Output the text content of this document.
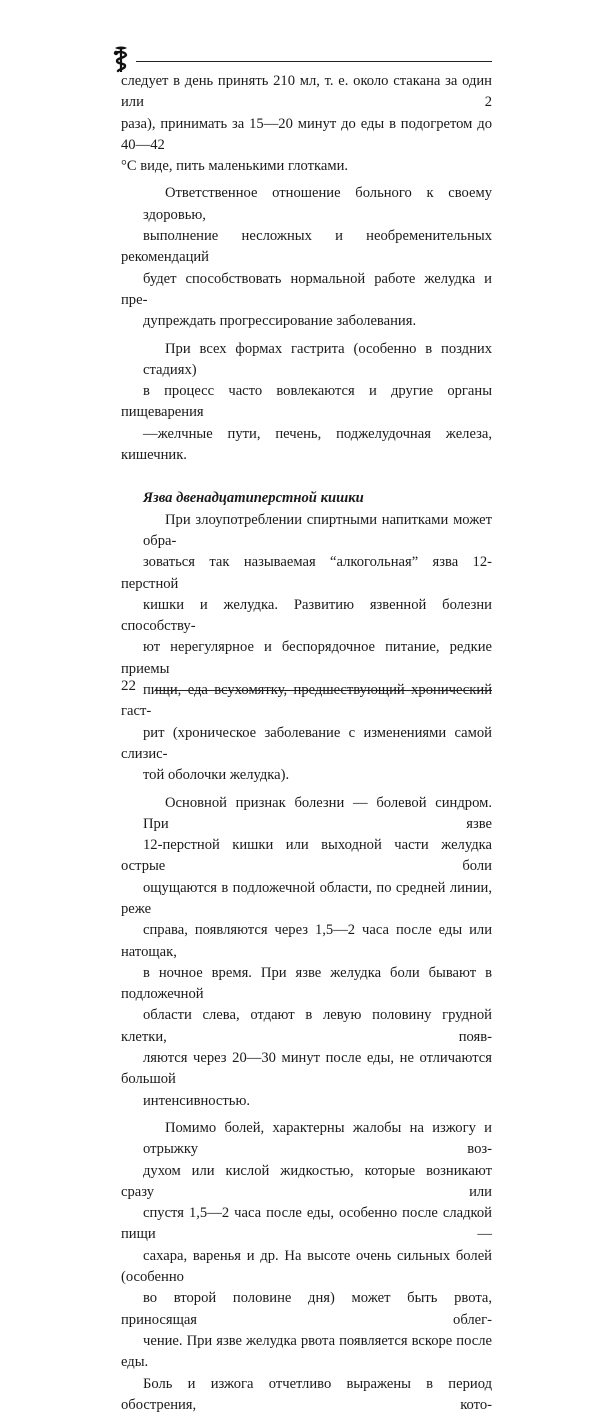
следует в день принять 210 мл, т. е. около стакана за один или 2
раза), принимать за 15—20 минут до еды в подогретом до 40—42
°С виде, пить маленькими глотками.

Ответственное отношение больного к своему здоровью,
выполнение несложных и необременительных рекомендаций
будет способствовать нормальной работе желудка и пре-
дупреждать прогрессирование заболевания.

При всех формах гастрита (особенно в поздних стадиях)
в процесс часто вовлекаются и другие органы пищеварения
—желчные пути, печень, поджелудочная железа, кишечник.

Язва двенадцатиперстной кишки

При злоупотреблении спиртными напитками может обра-
зоваться так называемая “алкогольная” язва 12-перстной
кишки и желудка. Развитию язвенной болезни способству-
ют нерегулярное и беспорядочное питание, редкие приемы
пищи, еда всухомятку, предшествующий хронический гаст-
рит (хроническое заболевание с изменениями самой слизис-
той оболочки желудка).

Основной признак болезни — болевой синдром. При язве
12-перстной кишки или выходной части желудка острые боли
ощущаются в подложечной области, по средней линии, реже
справа, появляются через 1,5—2 часа после еды или натощак,
в ночное время. При язве желудка боли бывают в подложечной
области слева, отдают в левую половину грудной клетки, появ-
ляются через 20—30 минут после еды, не отличаются большой
интенсивностью.

Помимо болей, характерны жалобы на изжогу и отрыжку воз-
духом или кислой жидкостью, которые возникают сразу или
спустя 1,5—2 часа после еды, особенно после сладкой пищи —
сахара, варенья и др. На высоте очень сильных болей (особенно
во второй половине дня) может быть рвота, приносящая облег-
чение. При язве желудка рвота появляется вскоре после еды.
Боль и изжога отчетливо выражены в период обострения, кото-

22
